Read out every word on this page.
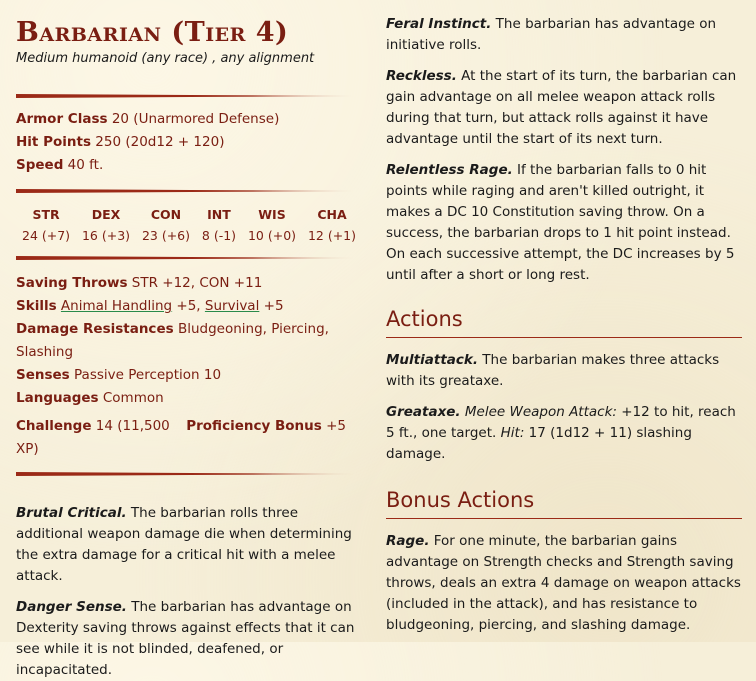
Barbarian (Tier 4)
Medium humanoid (any race) , any alignment
Armor Class 20 (Unarmored Defense)
Hit Points 250 (20d12 + 120)
Speed 40 ft.
STR
24 (+7)
DEX
16 (+3)
CON
23 (+6)
INT
8 (-1)
WIS
10 (+0)
CHA
12 (+1)
Saving Throws STR +12, CON +11
Skills Animal Handling +5, Survival +5
Damage Resistances Bludgeoning, Piercing, Slashing
Senses Passive Perception 10
Languages Common
Challenge 14 (11,500 XP)
Proficiency Bonus +5

Brutal Critical. The barbarian rolls three additional weapon damage die when determining the extra damage for a critical hit with a melee attack.

Danger Sense. The barbarian has advantage on Dexterity saving throws against effects that it can see while it is not blinded, deafened, or incapacitated.

Feral Instinct. The barbarian has advantage on initiative rolls.

Reckless. At the start of its turn, the barbarian can gain advantage on all melee weapon attack rolls during that turn, but attack rolls against it have advantage until the start of its next turn.

Relentless Rage. If the barbarian falls to 0 hit points while raging and aren't killed outright, it makes a DC 10 Constitution saving throw. On a success, the barbarian drops to 1 hit point instead. On each successive attempt, the DC increases by 5 until after a short or long rest.

Actions

Multiattack. The barbarian makes three attacks with its greataxe.

Greataxe. Melee Weapon Attack: +12 to hit, reach 5 ft., one target. Hit: 17 (1d12 + 11) slashing damage.

Bonus Actions

Rage. For one minute, the barbarian gains advantage on Strength checks and Strength saving throws, deals an extra 4 damage on weapon attacks (included in the attack), and has resistance to bludgeoning, piercing, and slashing damage.
